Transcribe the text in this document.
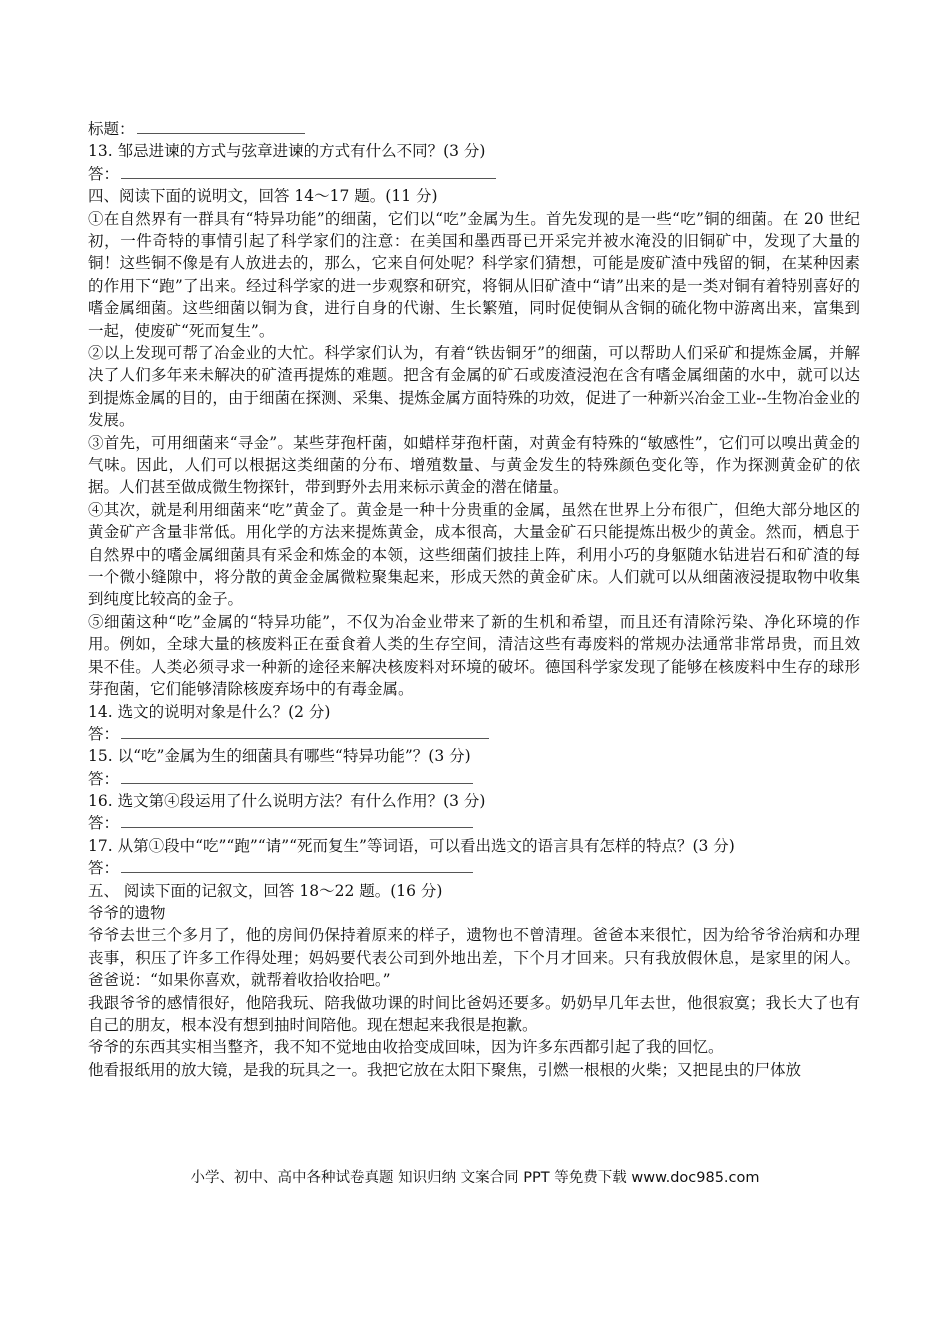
标题：
13. 邹忌进谏的方式与弦章进谏的方式有什么不同？(3 分)
答：
四、阅读下面的说明文，回答 14～17 题。(11 分)

①在自然界有一群具有“特异功能”的细菌，它们以“吃”金属为生。首先发现的是一些“吃”铜的细菌。在 20 世纪初，一件奇特的事情引起了科学家们的注意：在美国和墨西哥已开采完并被水淹没的旧铜矿中，发现了大量的铜！这些铜不像是有人放进去的，那么，它来自何处呢？科学家们猜想，可能是废矿渣中残留的铜，在某种因素的作用下“跑”了出来。经过科学家的进一步观察和研究，将铜从旧矿渣中“请”出来的是一类对铜有着特别喜好的嗜金属细菌。这些细菌以铜为食，进行自身的代谢、生长繁殖，同时促使铜从含铜的硫化物中游离出来，富集到一起，使废矿“死而复生”。

②以上发现可帮了冶金业的大忙。科学家们认为，有着“铁齿铜牙”的细菌，可以帮助人们采矿和提炼金属，并解决了人们多年来未解决的矿渣再提炼的难题。把含有金属的矿石或废渣浸泡在含有嗜金属细菌的水中，就可以达到提炼金属的目的，由于细菌在探测、采集、提炼金属方面特殊的功效，促进了一种新兴冶金工业--生物冶金业的发展。

③首先，可用细菌来“寻金”。某些芽孢杆菌，如蜡样芽孢杆菌，对黄金有特殊的“敏感性”，它们可以嗅出黄金的气味。因此，人们可以根据这类细菌的分布、增殖数量、与黄金发生的特殊颜色变化等，作为探测黄金矿的依据。人们甚至做成微生物探针，带到野外去用来标示黄金的潜在储量。

④其次，就是利用细菌来“吃”黄金了。黄金是一种十分贵重的金属，虽然在世界上分布很广，但绝大部分地区的黄金矿产含量非常低。用化学的方法来提炼黄金，成本很高，大量金矿石只能提炼出极少的黄金。然而，栖息于自然界中的嗜金属细菌具有采金和炼金的本领，这些细菌们披挂上阵，利用小巧的身躯随水钻进岩石和矿渣的每一个微小缝隙中，将分散的黄金金属微粒聚集起来，形成天然的黄金矿床。人们就可以从细菌液浸提取物中收集到纯度比较高的金子。

⑤细菌这种“吃”金属的“特异功能”，不仅为冶金业带来了新的生机和希望，而且还有清除污染、净化环境的作用。例如，全球大量的核废料正在蚕食着人类的生存空间，清洁这些有毒废料的常规办法通常非常昂贵，而且效果不佳。人类必须寻求一种新的途径来解决核废料对环境的破坏。德国科学家发现了能够在核废料中生存的球形芽孢菌，它们能够清除核废弃场中的有毒金属。

14. 选文的说明对象是什么？(2 分)
答：
15. 以“吃”金属为生的细菌具有哪些“特异功能”？(3 分)
答：
16. 选文第④段运用了什么说明方法？有什么作用？(3 分)
答：
17. 从第①段中“吃”“跑”“请”“死而复生”等词语，可以看出选文的语言具有怎样的特点？(3 分)
答：
五、 阅读下面的记叙文，回答 18～22 题。(16 分)
爷爷的遗物

爷爷去世三个多月了，他的房间仍保持着原来的样子，遗物也不曾清理。爸爸本来很忙，因为给爷爷治病和办理丧事，积压了许多工作得处理；妈妈要代表公司到外地出差，下个月才回来。只有我放假休息，是家里的闲人。爸爸说：“如果你喜欢，就帮着收拾收拾吧。”

我跟爷爷的感情很好，他陪我玩、陪我做功课的时间比爸妈还要多。奶奶早几年去世，他很寂寞；我长大了也有自己的朋友，根本没有想到抽时间陪他。现在想起来我很是抱歉。

爷爷的东西其实相当整齐，我不知不觉地由收拾变成回味，因为许多东西都引起了我的回忆。

他看报纸用的放大镜，是我的玩具之一。我把它放在太阳下聚焦，引燃一根根的火柴；又把昆虫的尸体放
小学、初中、高中各种试卷真题 知识归纳 文案合同 PPT 等免费下载 www.doc985.com
